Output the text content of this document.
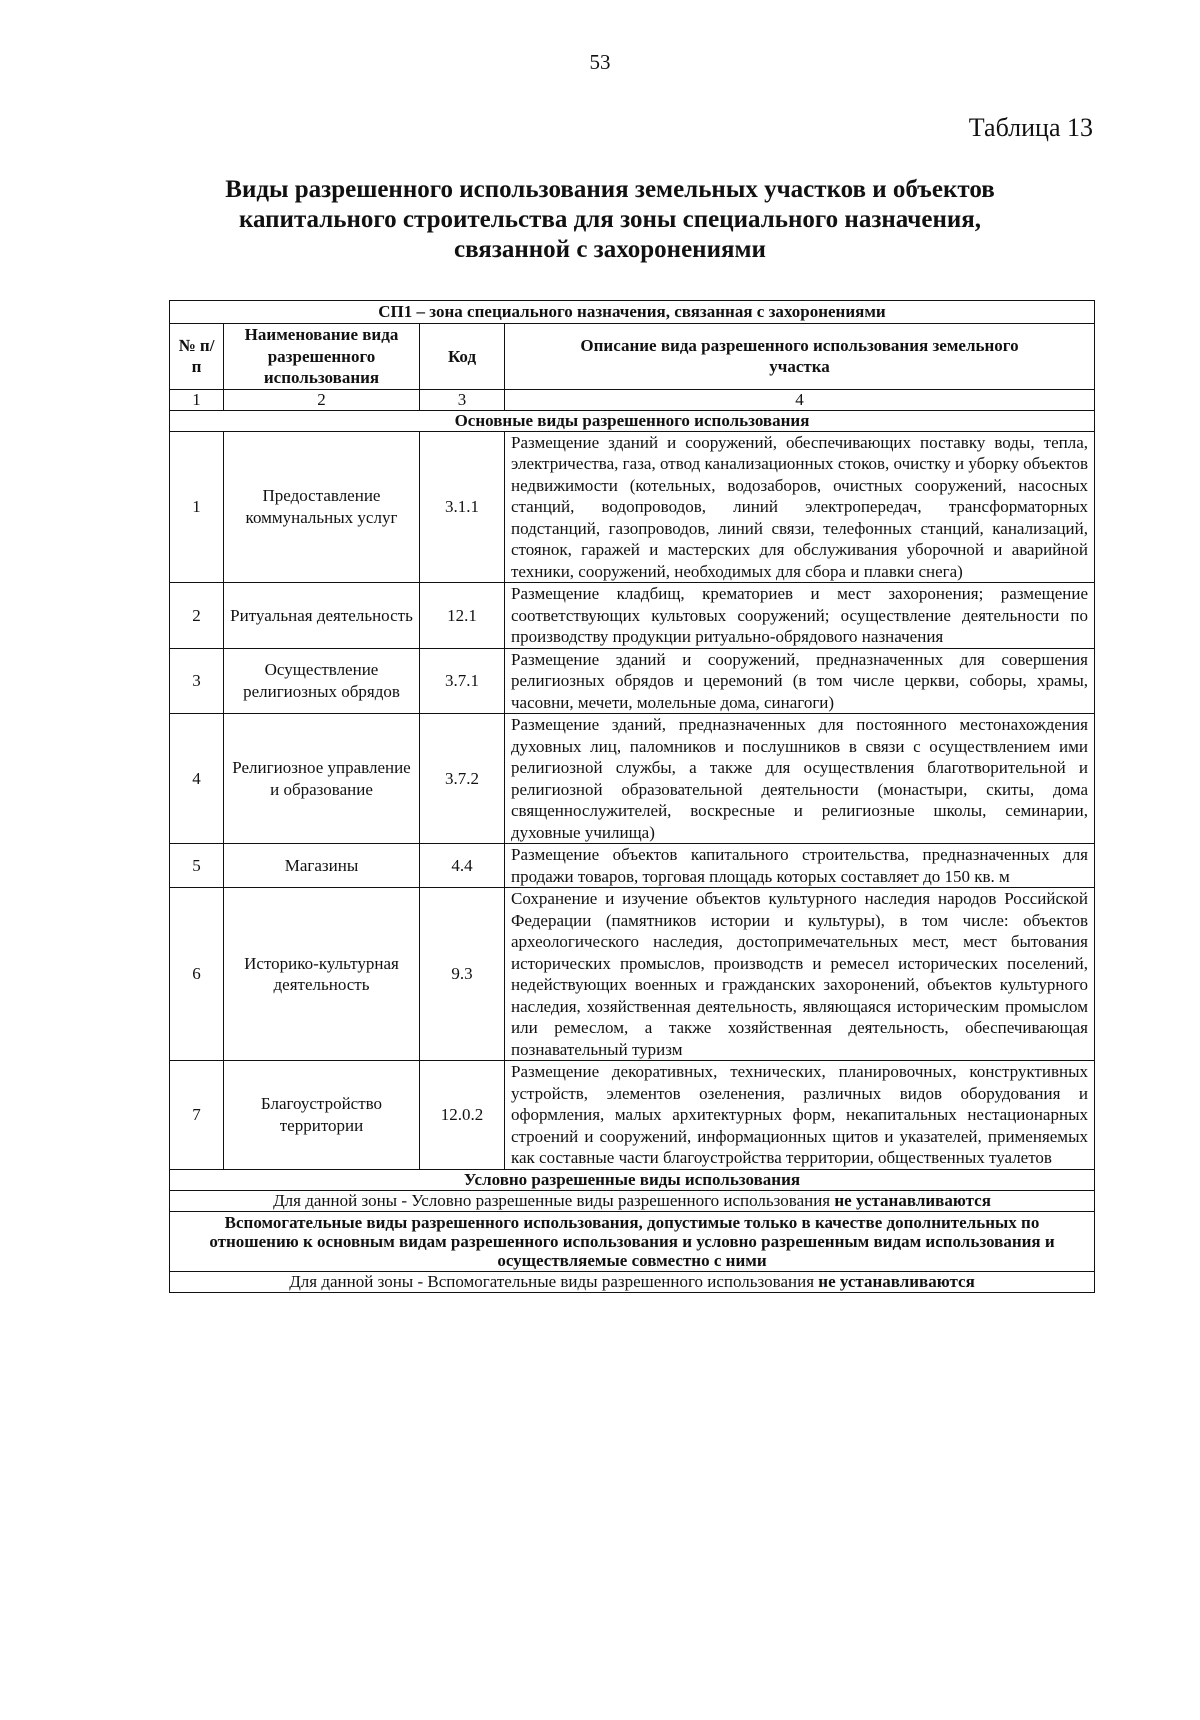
53
Таблица 13
Виды разрешенного использования земельных участков и объектов
капитального строительства для зоны специального назначения,
связанной с захоронениями
СП1 – зона специального назначения, связанная с захоронениями			
№ п/п	Наименование вида разрешенного использования	Код	Описание вида разрешенного использования земельного участка
1	2	3	4
Основные виды разрешенного использования			
1	Предоставление коммунальных услуг	3.1.1	Размещение зданий и сооружений, обеспечивающих поставку воды, тепла, электричества, газа, отвод канализационных стоков, очистку и уборку объектов недвижимости (котельных, водозаборов, очистных сооружений, насосных станций, водопроводов, линий электропередач, трансформаторных подстанций, газопроводов, линий связи, телефонных станций, канализаций, стоянок, гаражей и мастерских для обслуживания уборочной и аварийной техники, сооружений, необходимых для сбора и плавки снега)
2	Ритуальная деятельность	12.1	Размещение кладбищ, крематориев и мест захоронения; размещение соответствующих культовых сооружений; осуществление деятельности по производству продукции ритуально-обрядового назначения
3	Осуществление религиозных обрядов	3.7.1	Размещение зданий и сооружений, предназначенных для совершения религиозных обрядов и церемоний (в том числе церкви, соборы, храмы, часовни, мечети, молельные дома, синагоги)
4	Религиозное управление и образование	3.7.2	Размещение зданий, предназначенных для постоянного местонахождения духовных лиц, паломников и послушников в связи с осуществлением ими религиозной службы, а также для осуществления благотворительной и религиозной образовательной деятельности (монастыри, скиты, дома священнослужителей, воскресные и религиозные школы, семинарии, духовные училища)
5	Магазины	4.4	Размещение объектов капитального строительства, предназначенных для продажи товаров, торговая площадь которых составляет до 150 кв. м
6	Историко-культурная деятельность	9.3	Сохранение и изучение объектов культурного наследия народов Российской Федерации (памятников истории и культуры), в том числе: объектов археологического наследия, достопримечательных мест, мест бытования исторических промыслов, производств и ремесел исторических поселений, недействующих военных и гражданских захоронений, объектов культурного наследия, хозяйственная деятельность, являющаяся историческим промыслом или ремеслом, а также хозяйственная деятельность, обеспечивающая познавательный туризм
7	Благоустройство территории	12.0.2	Размещение декоративных, технических, планировочных, конструктивных устройств, элементов озеленения, различных видов оборудования и оформления, малых архитектурных форм, некапитальных нестационарных строений и сооружений, информационных щитов и указателей, применяемых как составные части благоустройства территории, общественных туалетов
Условно разрешенные виды использования			
Для данной зоны - Условно разрешенные виды разрешенного использования не устанавливаются			
Вспомогательные виды разрешенного использования, допустимые только в качестве дополнительных по отношению к основным видам разрешенного использования и условно разрешенным видам использования и осуществляемые совместно с ними			
Для данной зоны - Вспомогательные виды разрешенного использования не устанавливаются			
